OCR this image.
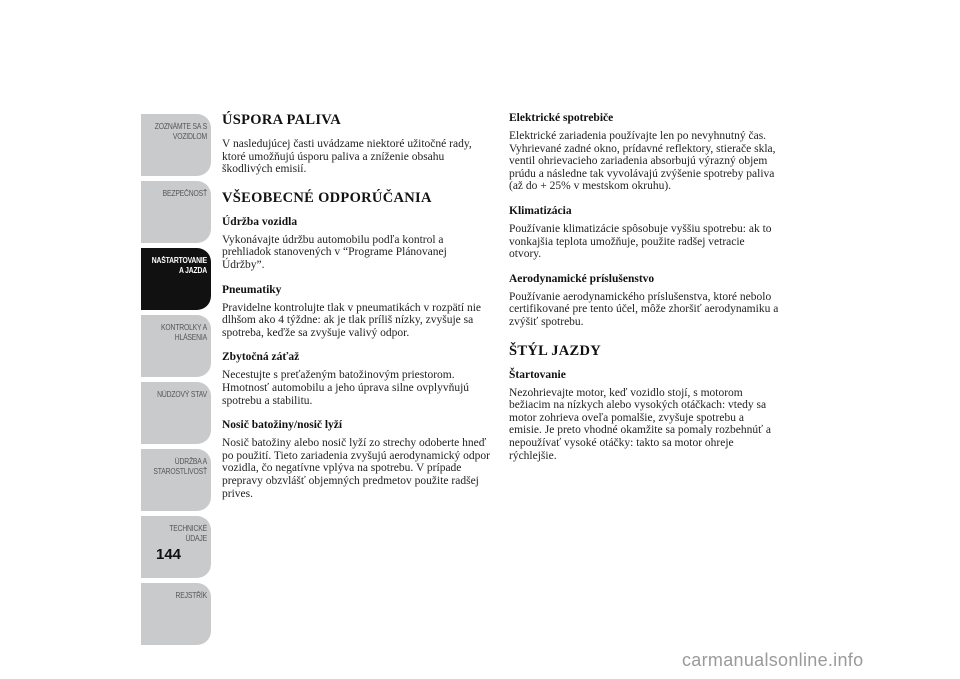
ZOZNÁMTE SA S
VOZIDLOM
BEZPEČNOSŤ
NAŠTARTOVANIE
A JAZDA
KONTROLKY A
HLÁSENIA
NÚDZOVÝ STAV
ÚDRŽBA A
STAROSTLIVOSŤ
TECHNICKÉ
ÚDAJE
REJSTŘÍK
144
ÚSPORA PALIVA

V nasledujúcej časti uvádzame niektoré užitočné rady, ktoré umožňujú úsporu paliva a zníženie obsahu škodlivých emisií.

VŠEOBECNÉ ODPORÚČANIA
Údržba vozidla

Vykonávajte údržbu automobilu podľa kontrol a prehliadok stanovených v “Programe Plánovanej Údržby”.

Pneumatiky

Pravidelne kontrolujte tlak v pneumatikách v rozpätí nie dlhšom ako 4 týždne: ak je tlak príliš nízky, zvyšuje sa spotreba, keďže sa zvyšuje valivý odpor.

Zbytočná záťaž

Necestujte s preťaženým batožinovým priestorom. Hmotnosť automobilu a jeho úprava silne ovplyvňujú spotrebu a stabilitu.

Nosič batožiny/nosič lyží

Nosič batožiny alebo nosič lyží zo strechy odoberte hneď po použití. Tieto zariadenia zvyšujú aerodynamický odpor vozidla, čo negatívne vplýva na spotrebu. V prípade prepravy obzvlášť objemných predmetov použite radšej prives.

Elektrické spotrebiče

Elektrické zariadenia používajte len po nevyhnutný čas. Vyhrievané zadné okno, prídavné reflektory, stierače skla, ventil ohrievacieho zariadenia absorbujú výrazný objem prúdu a následne tak vyvolávajú zvýšenie spotreby paliva (až do + 25% v mestskom okruhu).

Klimatizácia

Používanie klimatizácie spôsobuje vyššiu spotrebu: ak to vonkajšia teplota umožňuje, použite radšej vetracie otvory.

Aerodynamické príslušenstvo

Používanie aerodynamického príslušenstva, ktoré nebolo certifikované pre tento účel, môže zhoršiť aerodynamiku a zvýšiť spotrebu.

ŠTÝL JAZDY
Štartovanie

Nezohrievajte motor, keď vozidlo stojí, s motorom bežiacim na nízkych alebo vysokých otáčkach: vtedy sa motor zohrieva oveľa pomalšie, zvyšuje spotrebu a emisie. Je preto vhodné okamžite sa pomaly rozbehnúť a nepoužívať vysoké otáčky: takto sa motor ohreje rýchlejšie.

carmanualsonline.info
